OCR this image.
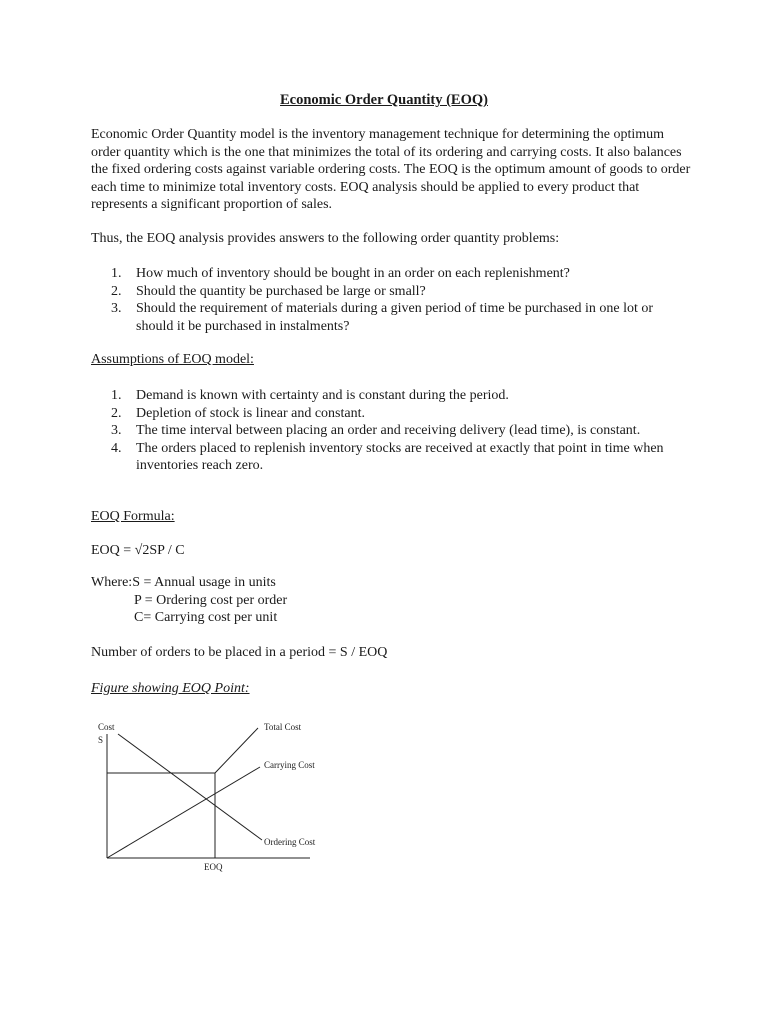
Economic Order Quantity (EOQ)

Economic Order Quantity model is the inventory management technique for determining the optimum order quantity which is the one that minimizes the total of its ordering and carrying costs. It also balances the fixed ordering costs against variable ordering costs. The EOQ is the optimum amount of goods to order each time to minimize total inventory costs. EOQ analysis should be applied to every product that represents a significant proportion of sales.

Thus, the EOQ analysis provides answers to the following order quantity problems:

1. How much of inventory should be bought in an order on each replenishment?
2. Should the quantity be purchased be large or small?
3. Should the requirement of materials during a given period of time be purchased in one lot or should it be purchased in instalments?
Assumptions of EOQ model:
1. Demand is known with certainty and is constant during the period.
2. Depletion of stock is linear and constant.
3. The time interval between placing an order and receiving delivery (lead time), is constant.
4. The orders placed to replenish inventory stocks are received at exactly that point in time when inventories reach zero.
EOQ Formula:
EOQ = √2SP / C
Where:S = Annual usage in units
P = Ordering cost per order
C= Carrying cost per unit
Number of orders to be placed in a period = S / EOQ
Figure showing EOQ Point:
Cost
S
EOQ
Total Cost
Carrying Cost
Ordering Cost
